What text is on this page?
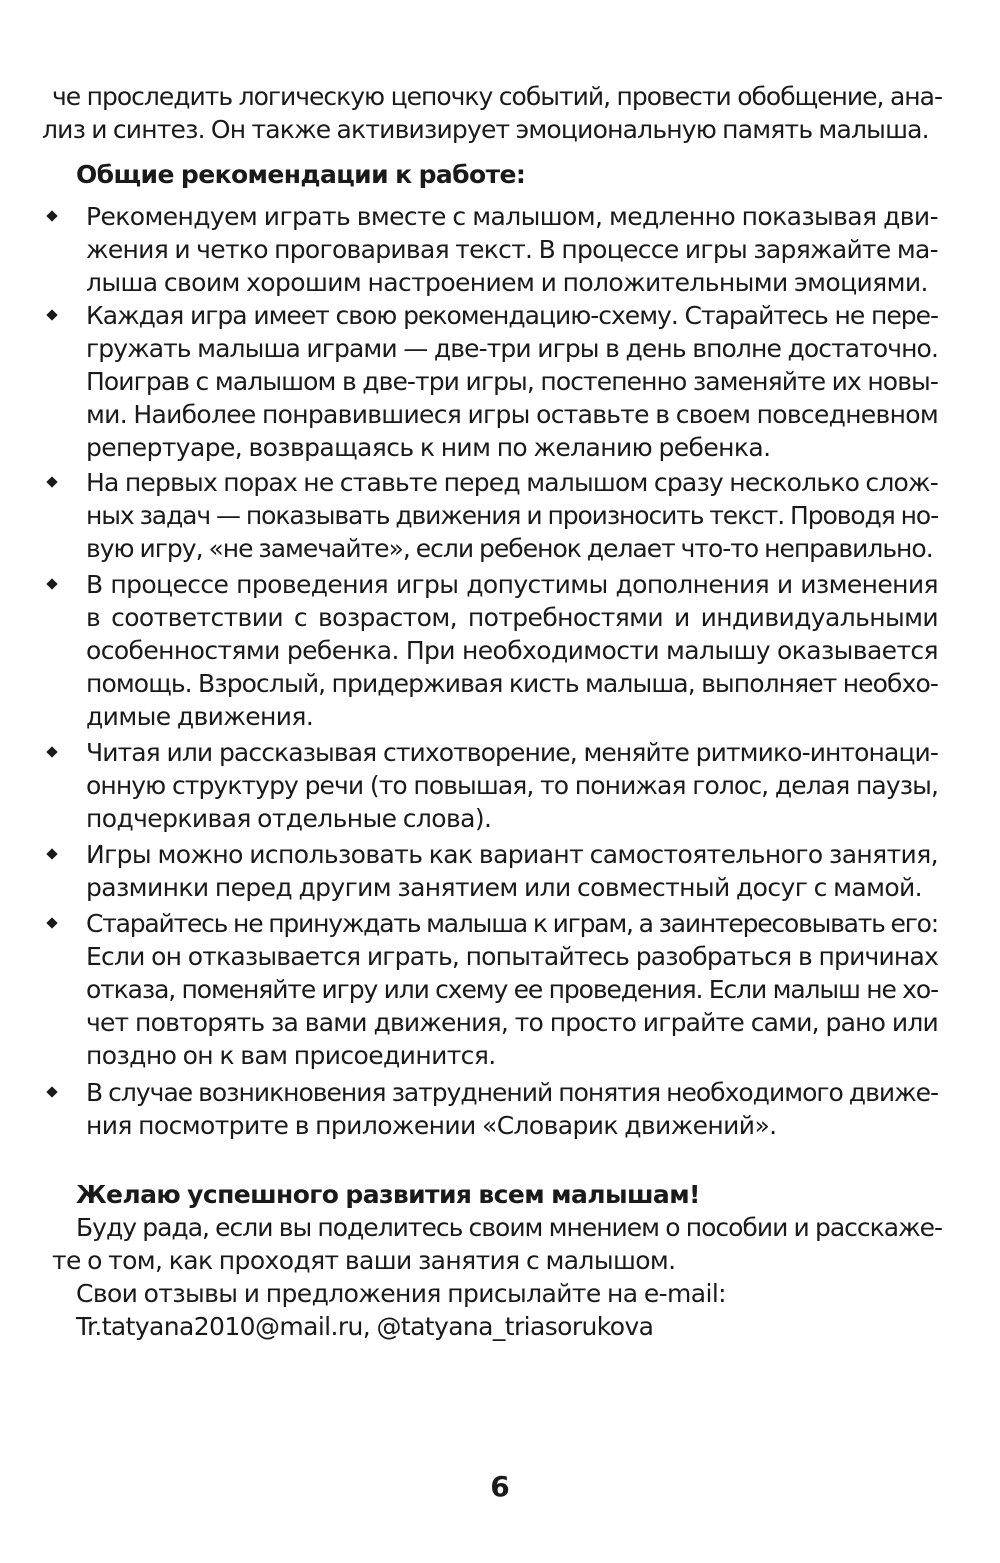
че проследить логическую цепочку событий, провести обобщение, ана-
лиз и синтез. Он также активизирует эмоциональную память малыша.
Общие рекомендации к работе:
Рекомендуем играть вместе с малышом, медленно показывая дви-
жения и четко проговаривая текст. В процессе игры заряжайте ма-
лыша своим хорошим настроением и положительными эмоциями.
Каждая игра имеет свою рекомендацию-схему. Старайтесь не пере-
гружать малыша играми — две-три игры в день вполне достаточно.
Поиграв с малышом в две-три игры, постепенно заменяйте их новы-
ми. Наиболее понравившиеся игры оставьте в своем повседневном
репертуаре, возвращаясь к ним по желанию ребенка.
На первых порах не ставьте перед малышом сразу несколько слож-
ных задач — показывать движения и произносить текст. Проводя но-
вую игру, «не замечайте», если ребенок делает что-то неправильно.
В процессе проведения игры допустимы дополнения и изменения
в соответствии с возрастом, потребностями и индивидуальными
особенностями ребенка. При необходимости малышу оказывается
помощь. Взрослый, придерживая кисть малыша, выполняет необхо-
димые движения.
Читая или рассказывая стихотворение, меняйте ритмико-интонаци-
онную структуру речи (то повышая, то понижая голос, делая паузы,
подчеркивая отдельные слова).
Игры можно использовать как вариант самостоятельного занятия,
разминки перед другим занятием или совместный досуг с мамой.
Старайтесь не принуждать малыша к играм, а заинтересовывать его:
Если он отказывается играть, попытайтесь разобраться в причинах
отказа, поменяйте игру или схему ее проведения. Если малыш не хо-
чет повторять за вами движения, то просто играйте сами, рано или
поздно он к вам присоединится.
В случае возникновения затруднений понятия необходимого движе-
ния посмотрите в приложении «Словарик движений».
Желаю успешного развития всем малышам!
Буду рада, если вы поделитесь своим мнением о пособии и расскаже-
те о том, как проходят ваши занятия с малышом.
Свои отзывы и предложения присылайте на e-mail:
Tr.tatyana2010@mail.ru, @tatyana_triasorukova
6
